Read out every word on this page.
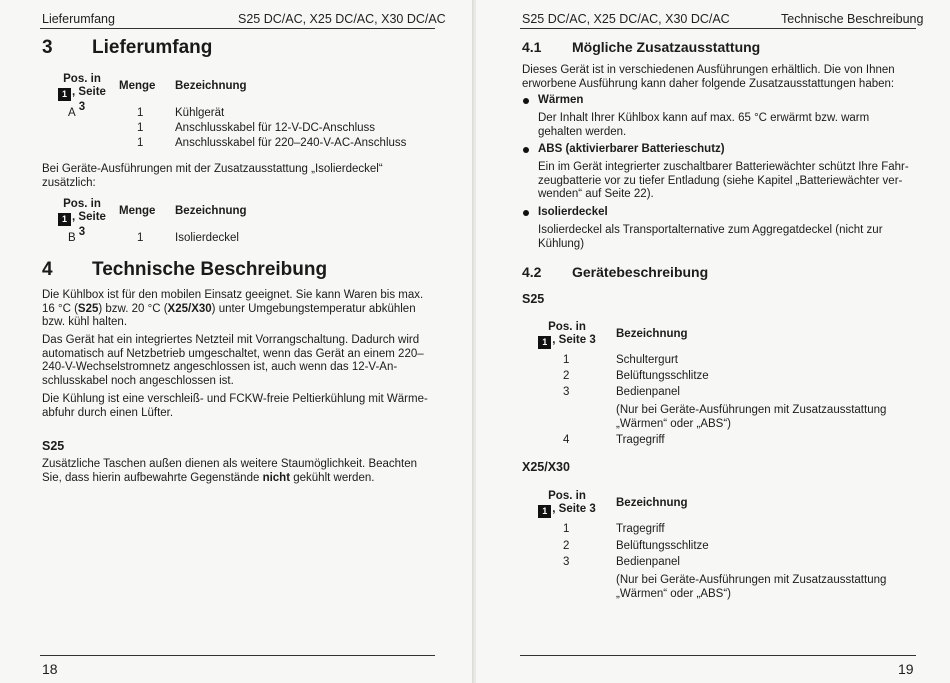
Lieferumfang	S25 DC/AC, X25 DC/AC, X30 DC/AC
3 Lieferumfang
Pos. in
1 , Seite 3
Menge Bezeichnung
A	1	Kühlgerät
1	Anschlusskabel für 12-V-DC-Anschluss
1	Anschlusskabel für 220–240-V-AC-Anschluss
Bei Geräte-Ausführungen mit der Zusatzausstattung „Isolierdeckel“
zusätzlich:
Pos. in
1 , Seite 3
Menge Bezeichnung
B	1	Isolierdeckel
4 Technische Beschreibung
Die Kühlbox ist für den mobilen Einsatz geeignet. Sie kann Waren bis max.
16 °C (S25) bzw. 20 °C (X25/X30) unter Umgebungstemperatur abkühlen
bzw. kühl halten.
Das Gerät hat ein integriertes Netzteil mit Vorrangschaltung. Dadurch wird
automatisch auf Netzbetrieb umgeschaltet, wenn das Gerät an einem 220–
240-V-Wechselstromnetz angeschlossen ist, auch wenn das 12-V-An-
schlusskabel noch angeschlossen ist.
Die Kühlung ist eine verschleiß- und FCKW-freie Peltierkühlung mit Wärme-
abfuhr durch einen Lüfter.
S25
Zusätzliche Taschen außen dienen als weitere Staumöglichkeit. Beachten
Sie, dass hierin aufbewahrte Gegenstände nicht gekühlt werden.
18
S25 DC/AC, X25 DC/AC, X30 DC/AC	Technische Beschreibung
4.1 Mögliche Zusatzausstattung
Dieses Gerät ist in verschiedenen Ausführungen erhältlich. Die von Ihnen
erworbene Ausführung kann daher folgende Zusatzausstattungen haben:
Wärmen
Der Inhalt Ihrer Kühlbox kann auf max. 65 °C erwärmt bzw. warm
gehalten werden.
ABS (aktivierbarer Batterieschutz)
Ein im Gerät integrierter zuschaltbarer Batteriewächter schützt Ihre Fahr-
zeugbatterie vor zu tiefer Entladung (siehe Kapitel „Batteriewächter ver-
wenden“ auf Seite 22).
Isolierdeckel
Isolierdeckel als Transportalternative zum Aggregatdeckel (nicht zur
Kühlung)
4.2 Gerätebeschreibung
S25
Pos. in
1 , Seite 3 Bezeichnung
1	Schultergurt
2	Belüftungsschlitze
3	Bedienpanel
(Nur bei Geräte-Ausführungen mit Zusatzausstattung
„Wärmen“ oder „ABS“)
4	Tragegriff
X25/X30
Pos. in
1 , Seite 3 Bezeichnung
1	Tragegriff
2	Belüftungsschlitze
3	Bedienpanel
(Nur bei Geräte-Ausführungen mit Zusatzausstattung
„Wärmen“ oder „ABS“)
19
